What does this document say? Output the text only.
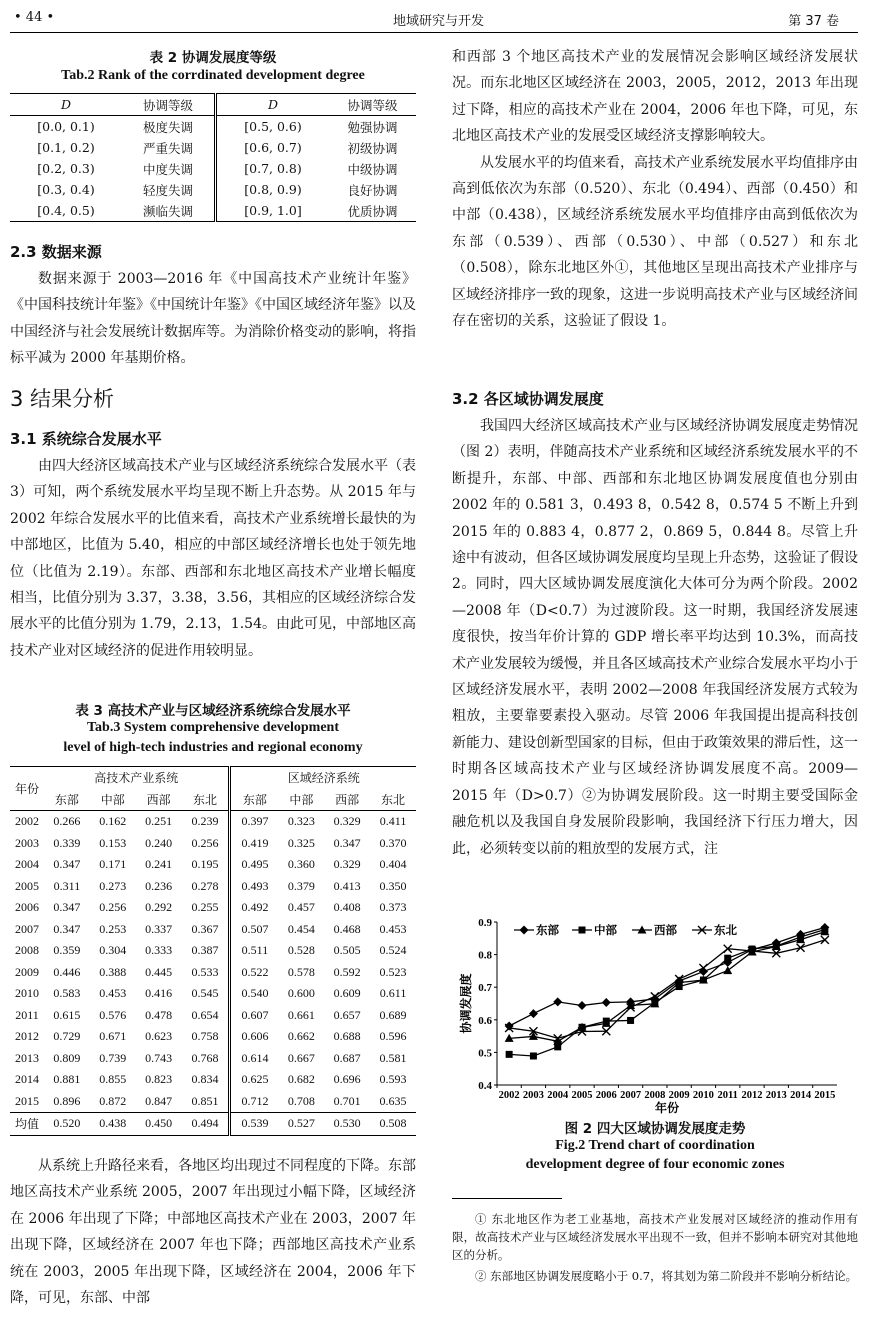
• 44 •	地域研究与开发	第 37 卷
表 2 协调发展度等级
Tab.2 Rank of the corrdinated development degree
D	协调等级	D	协调等级
[0.0, 0.1)	极度失调	[0.5, 0.6)	勉强协调
[0.1, 0.2)	严重失调	[0.6, 0.7)	初级协调
[0.2, 0.3)	中度失调	[0.7, 0.8)	中级协调
[0.3, 0.4)	轻度失调	[0.8, 0.9)	良好协调
[0.4, 0.5)	濒临失调	[0.9, 1.0]	优质协调
2.3 数据来源

数据来源于 2003—2016 年《中国高技术产业统计年鉴》《中国科技统计年鉴》《中国统计年鉴》《中国区域经济年鉴》以及中国经济与社会发展统计数据库等。为消除价格变动的影响，将指标平减为 2000 年基期价格。

3 结果分析
3.1 系统综合发展水平

由四大经济区域高技术产业与区域经济系统综合发展水平（表 3）可知，两个系统发展水平均呈现不断上升态势。从 2015 年与 2002 年综合发展水平的比值来看，高技术产业系统增长最快的为中部地区，比值为 5.40，相应的中部区域经济增长也处于领先地位（比值为 2.19）。东部、西部和东北地区高技术产业增长幅度相当，比值分别为 3.37，3.38，3.56，其相应的区域经济综合发展水平的比值分别为 1.79，2.13，1.54。由此可见，中部地区高技术产业对区域经济的促进作用较明显。

表 3 高技术产业与区域经济系统综合发展水平
Tab.3 System comprehensive development
level of high-tech industries and regional economy
年份	高技术产业系统				区域经济系统			
	东部	中部	西部	东北	东部	中部	西部	东北
2002	0.266	0.162	0.251	0.239	0.397	0.323	0.329	0.411
2003	0.339	0.153	0.240	0.256	0.419	0.325	0.347	0.370
2004	0.347	0.171	0.241	0.195	0.495	0.360	0.329	0.404
2005	0.311	0.273	0.236	0.278	0.493	0.379	0.413	0.350
2006	0.347	0.256	0.292	0.255	0.492	0.457	0.408	0.373
2007	0.347	0.253	0.337	0.367	0.507	0.454	0.468	0.453
2008	0.359	0.304	0.333	0.387	0.511	0.528	0.505	0.524
2009	0.446	0.388	0.445	0.533	0.522	0.578	0.592	0.523
2010	0.583	0.453	0.416	0.545	0.540	0.600	0.609	0.611
2011	0.615	0.576	0.478	0.654	0.607	0.661	0.657	0.689
2012	0.729	0.671	0.623	0.758	0.606	0.662	0.688	0.596
2013	0.809	0.739	0.743	0.768	0.614	0.667	0.687	0.581
2014	0.881	0.855	0.823	0.834	0.625	0.682	0.696	0.593
2015	0.896	0.872	0.847	0.851	0.712	0.708	0.701	0.635
均值	0.520	0.438	0.450	0.494	0.539	0.527	0.530	0.508

从系统上升路径来看，各地区均出现过不同程度的下降。东部地区高技术产业系统 2005，2007 年出现过小幅下降，区域经济在 2006 年出现了下降；中部地区高技术产业在 2003，2007 年出现下降，区域经济在 2007 年也下降；西部地区高技术产业系统在 2003，2005 年出现下降，区域经济在 2004，2006 年下降，可见，东部、中部

和西部 3 个地区高技术产业的发展情况会影响区域经济发展状况。而东北地区区域经济在 2003，2005，2012，2013 年出现过下降，相应的高技术产业在 2004，2006 年也下降，可见，东北地区高技术产业的发展受区域经济支撑影响较大。

从发展水平的均值来看，高技术产业系统发展水平均值排序由高到低依次为东部（0.520）、东北（0.494）、西部（0.450）和中部（0.438），区域经济系统发展水平均值排序由高到低依次为东部（0.539）、西部（0.530）、中部（0.527）和东北（0.508），除东北地区外①，其他地区呈现出高技术产业排序与区域经济排序一致的现象，这进一步说明高技术产业与区域经济间存在密切的关系，这验证了假设 1。

3.2 各区域协调发展度

我国四大经济区域高技术产业与区域经济协调发展度走势情况（图 2）表明，伴随高技术产业系统和区域经济系统发展水平的不断提升，东部、中部、西部和东北地区协调发展度值也分别由 2002 年的 0.581 3，0.493 8，0.542 8，0.574 5 不断上升到 2015 年的 0.883 4，0.877 2，0.869 5，0.844 8。尽管上升途中有波动，但各区域协调发展度均呈现上升态势，这验证了假设 2。同时，四大区域协调发展度演化大体可分为两个阶段。2002—2008 年（D<0.7）为过渡阶段。这一时期，我国经济发展速度很快，按当年价计算的 GDP 增长率平均达到 10.3%，而高技术产业发展较为缓慢，并且各区域高技术产业综合发展水平均小于区域经济发展水平，表明 2002—2008 年我国经济发展方式较为粗放，主要靠要素投入驱动。尽管 2006 年我国提出提高科技创新能力、建设创新型国家的目标，但由于政策效果的滞后性，这一时期各区域高技术产业与区域经济协调发展度不高。2009—2015 年（D>0.7）②为协调发展阶段。这一时期主要受国际金融危机以及我国自身发展阶段影响，我国经济下行压力增大，因此，必须转变以前的粗放型的发展方式，注

0.4
0.5
0.6
0.7
0.8
0.9
2002 2003 2004 2005 2006 2007 2008 2009 2010 2011 2012 2013 2014 2015
年份
协调发展度
东部	中部	西部	东北
图 2 四大区域协调发展度走势
Fig.2 Trend chart of coordination
development degree of four economic zones
① 东北地区作为老工业基地，高技术产业发展对区域经济的推动作用有限，故高技术产业与区域经济发展水平出现不一致，但并不影响本研究对其他地区的分析。
② 东部地区协调发展度略小于 0.7，将其划为第二阶段并不影响分析结论。
